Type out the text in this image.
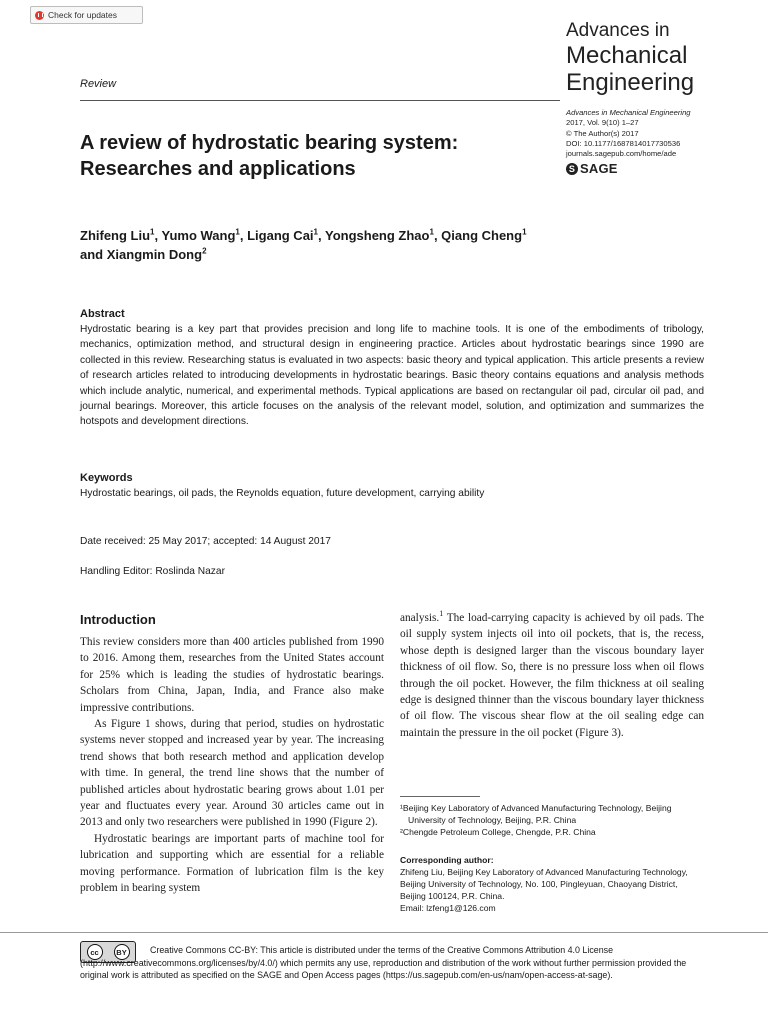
Check for updates
Advances in
Mechanical
Engineering
Review
Advances in Mechanical Engineering
2017, Vol. 9(10) 1–27
© The Author(s) 2017
DOI: 10.1177/1687814017730536
journals.sagepub.com/home/ade
S SAGE
A review of hydrostatic bearing system: Researches and applications
Zhifeng Liu$^1$, Yumo Wang$^1$, Ligang Cai$^1$, Yongsheng Zhao$^1$, Qiang Cheng$^1$
and Xiangmin Dong$^2$
Abstract
Hydrostatic bearing is a key part that provides precision and long life to machine tools. It is one of the embodiments of tribology, mechanics, optimization method, and structural design in engineering practice. Articles about hydrostatic bearings since 1990 are collected in this review. Researching status is evaluated in two aspects: basic theory and typical application. This article presents a review of research articles related to introducing developments in hydrostatic bearings. Basic theory contains equations and analysis methods which include analytic, numerical, and experimental methods. Typical applications are based on rectangular oil pad, circular oil pad, and journal bearings. Moreover, this article focuses on the analysis of the relevant model, solution, and optimization and summarizes the hotspots and development directions.
Keywords
Hydrostatic bearings, oil pads, the Reynolds equation, future development, carrying ability
Date received: 25 May 2017; accepted: 14 August 2017
Handling Editor: Roslinda Nazar
Introduction

This review considers more than 400 articles published from 1990 to 2016. Among them, researches from the United States account for 25% which is leading the studies of hydrostatic bearings. Scholars from China, Japan, India, and France also make impressive contributions.

As Figure 1 shows, during that period, studies on hydrostatic systems never stopped and increased year by year. The increasing trend shows that both research method and application develop with time. In general, the trend line shows that the number of published articles about hydrostatic bearing grows about 1.01 per year and fluctuates every year. Around 30 articles came out in 2013 and only two researchers were published in 1990 (Figure 2).

Hydrostatic bearings are important parts of machine tool for lubrication and supporting which are essential for a reliable moving performance. Formation of lubrication film is the key problem in bearing system

analysis.$^1$ The load-carrying capacity is achieved by oil pads. The oil supply system injects oil into oil pockets, that is, the recess, whose depth is designed larger than the viscous boundary layer thickness of oil flow. So, there is no pressure loss when oil flows through the oil pocket. However, the film thickness at oil sealing edge is designed thinner than the viscous boundary layer thickness of oil flow. The viscous shear flow at the oil sealing edge can maintain the pressure in the oil pocket (Figure 3).

¹Beijing Key Laboratory of Advanced Manufacturing Technology, Beijing University of Technology, Beijing, P.R. China
²Chengde Petroleum College, Chengde, P.R. China
Corresponding author:
Zhifeng Liu, Beijing Key Laboratory of Advanced Manufacturing Technology, Beijing University of Technology, No. 100, Pingleyuan, Chaoyang District, Beijing 100124, P.R. China.
Email: lzfeng1@126.com
cc	BY	Creative Commons CC-BY: This article is distributed under the terms of the Creative Commons Attribution 4.0 License (http://www.creativecommons.org/licenses/by/4.0/) which permits any use, reproduction and distribution of the work without further permission provided the original work is attributed as specified on the SAGE and Open Access pages (https://us.sagepub.com/en-us/nam/open-access-at-sage).
